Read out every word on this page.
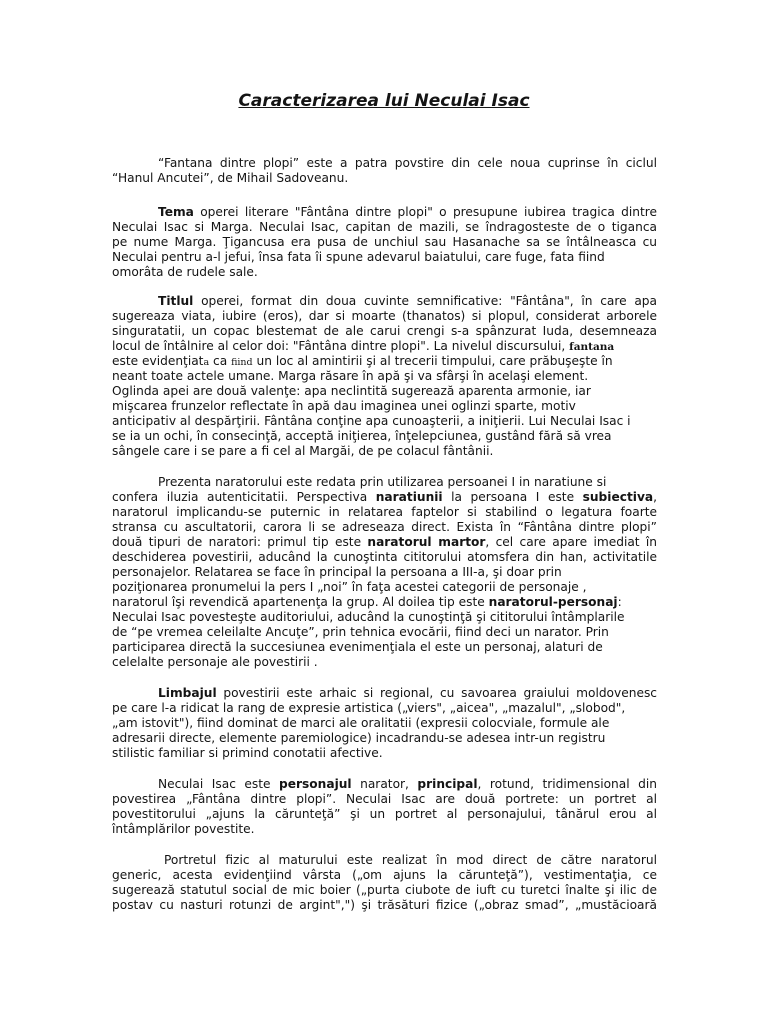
Caracterizarea lui Neculai Isac
“Fantana dintre plopi” este a patra povstire din cele noua cuprinse în ciclul
“Hanul Ancutei”, de Mihail Sadoveanu.
Tema operei literare "Fântâna dintre plopi" o presupune iubirea tragica dintre
Neculai Isac si Marga. Neculai Isac, capitan de mazili, se îndragosteste de o tiganca
pe nume Marga. Ţigancusa era pusa de unchiul sau Hasanache sa se întâlneasca cu
Neculai pentru a-l jefui, însa fata îi spune adevarul baiatului, care fuge, fata fiind
omorâta de rudele sale.
Titlul operei, format din doua cuvinte semnificative: "Fântâna", în care apa
sugereaza viata, iubire (eros), dar si moarte (thanatos) si plopul, considerat arborele
singuratatii, un copac blestemat de ale carui crengi s-a spânzurat Iuda, desemneaza
locul de întâlnire al celor doi: "Fântâna dintre plopi". La nivelul discursului, fantana
este evidenţiata ca fiind un loc al amintirii şi al trecerii timpului, care prăbuşeşte în
neant toate actele umane. Marga răsare în apă şi va sfârşi în acelaşi element.
Oglinda apei are două valenţe: apa neclintită sugerează aparenta armonie, iar
mişcarea frunzelor reflectate în apă dau imaginea unei oglinzi sparte, motiv
anticipativ al despărţirii. Fântâna conţine apa cunoaşterii, a iniţierii. Lui Neculai Isac i
se ia un ochi, în consecinţă, acceptă iniţierea, înţelepciunea, gustând fără să vrea
sângele care i se pare a fi cel al Margăi, de pe colacul fântânii.
Prezenta naratorului este redata prin utilizarea persoanei I in naratiune si
confera iluzia autenticitatii. Perspectiva naratiunii la persoana I este subiectiva,
naratorul implicandu-se puternic in relatarea faptelor si stabilind o legatura foarte
stransa cu ascultatorii, carora li se adreseaza direct. Exista în “Fântâna dintre plopi”
două tipuri de naratori: primul tip este naratorul martor, cel care apare imediat în
deschiderea povestirii, aducând la cunoştinta cititorului atomsfera din han, activitatile
personajelor. Relatarea se face în principal la persoana a III-a, şi doar prin
poziţionarea pronumelui la pers I „noi” în faţa acestei categorii de personaje ,
naratorul îşi revendică apartenenţa la grup. Al doilea tip este naratorul-personaj:
Neculai Isac povesteşte auditoriului, aducând la cunoştinţă şi cititorului întâmplarile
de “pe vremea celeilalte Ancuţe”, prin tehnica evocării, fiind deci un narator. Prin
participarea directă la succesiunea evenimenţiala el este un personaj, alaturi de
celelalte personaje ale povestirii .
Limbajul povestirii este arhaic si regional, cu savoarea graiului moldovenesc
pe care l-a ridicat la rang de expresie artistica („viers", „aicea", „mazalul", „slobod",
„am istovit"), fiind dominat de marci ale oralitatii (expresii colocviale, formule ale
adresarii directe, elemente paremiologice) incadrandu-se adesea intr-un registru
stilistic familiar si primind conotatii afective.
Neculai Isac este personajul narator, principal, rotund, tridimensional din
povestirea „Fântâna dintre plopi”. Neculai Isac are două portrete: un portret al
povestitorului „ajuns la cărunteţă” şi un portret al personajului, tânărul erou al
întâmplărilor povestite.
Portretul fizic al maturului este realizat în mod direct de către naratorul
generic, acesta evidenţiind vârsta („om ajuns la cărunteţă”), vestimentaţia, ce
sugerează statutul social de mic boier („purta ciubote de iuft cu turetci înalte şi ilic de
postav cu nasturi rotunzi de argint",") şi trăsături fizice („obraz smad”, „mustăcioară
